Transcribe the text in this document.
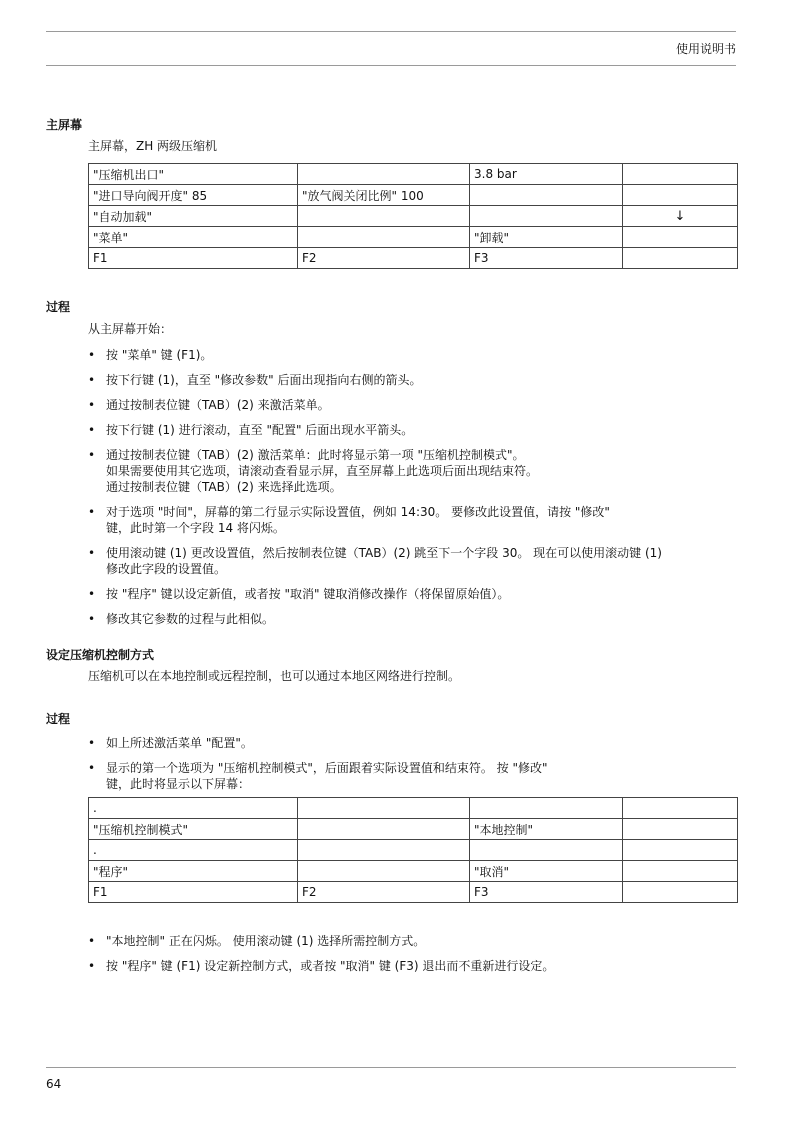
使用说明书
主屏幕
主屏幕，ZH 两级压缩机
"压缩机出口"		3.8 bar	
"进口导向阀开度" 85	"放气阀关闭比例" 100		
"自动加载"			↓
"菜单"		"卸载"	
F1	F2	F3	
过程
从主屏幕开始：
• 按 "菜单" 键 (F1)。
• 按下行键 (1)，直至 "修改参数" 后面出现指向右侧的箭头。
• 通过按制表位键（TAB）(2) 来激活菜单。
• 按下行键 (1) 进行滚动，直至 "配置" 后面出现水平箭头。
• 通过按制表位键（TAB）(2) 激活菜单：此时将显示第一项 "压缩机控制模式"。
如果需要使用其它选项，请滚动查看显示屏，直至屏幕上此选项后面出现结束符。
通过按制表位键（TAB）(2) 来选择此选项。
• 对于选项 "时间"，屏幕的第二行显示实际设置值，例如 14:30。 要修改此设置值，请按 "修改"
键，此时第一个字段 14 将闪烁。
• 使用滚动键 (1) 更改设置值，然后按制表位键（TAB）(2) 跳至下一个字段 30。 现在可以使用滚动键 (1)
修改此字段的设置值。
• 按 "程序" 键以设定新值，或者按 "取消" 键取消修改操作（将保留原始值）。
• 修改其它参数的过程与此相似。
设定压缩机控制方式
压缩机可以在本地控制或远程控制，也可以通过本地区网络进行控制。
过程
• 如上所述激活菜单 "配置"。
• 显示的第一个选项为 "压缩机控制模式"，后面跟着实际设置值和结束符。 按 "修改"
键，此时将显示以下屏幕：
.			
"压缩机控制模式"		"本地控制"	
.			
"程序"		"取消"	
F1	F2	F3	
• "本地控制" 正在闪烁。 使用滚动键 (1) 选择所需控制方式。
• 按 "程序" 键 (F1) 设定新控制方式，或者按 "取消" 键 (F3) 退出而不重新进行设定。
64
